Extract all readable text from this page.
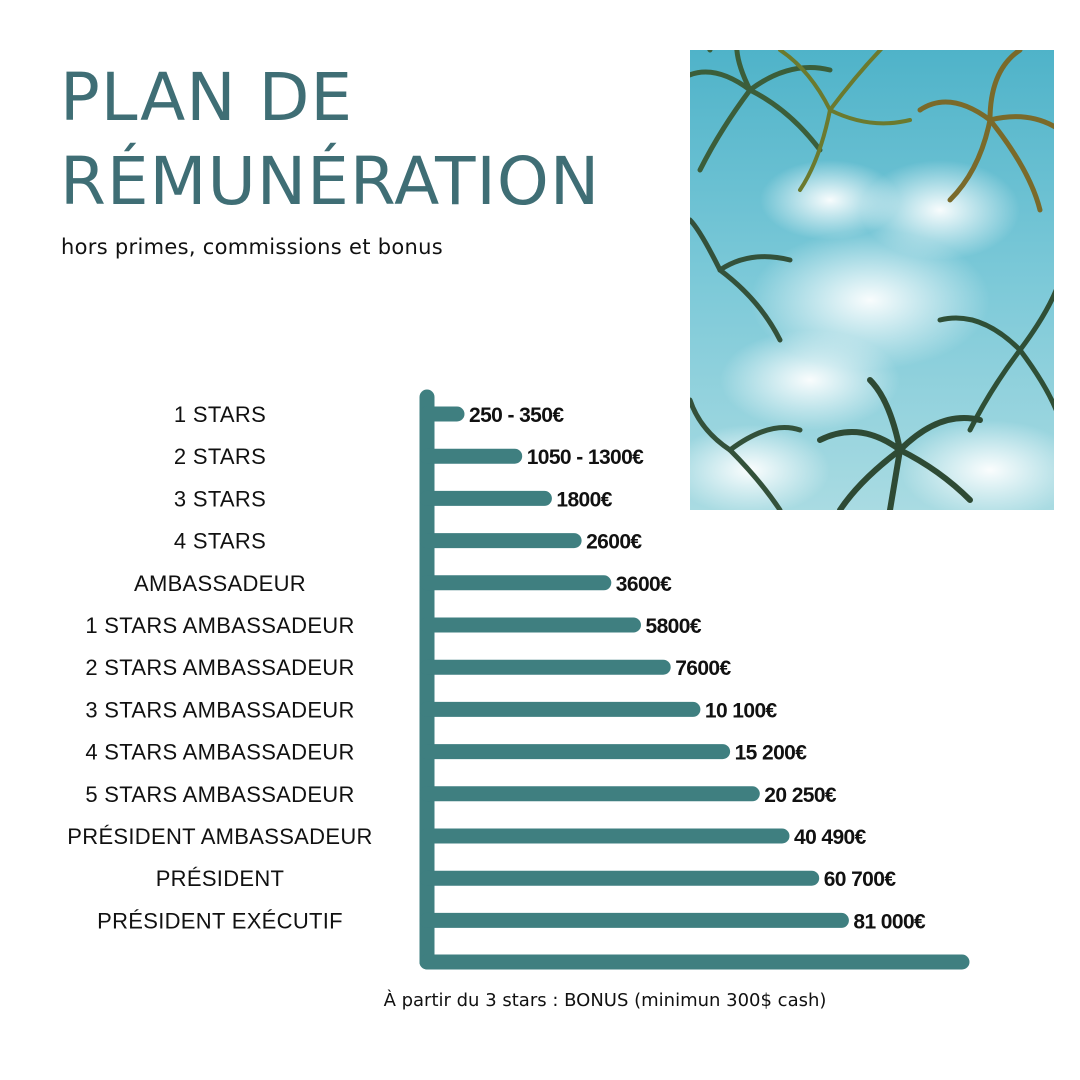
PLAN DE
RÉMUNÉRATION
hors primes, commissions et bonus
1 STARS	250 - 350€
2 STARS	1050 - 1300€
3 STARS	1800€
4 STARS	2600€
AMBASSADEUR	3600€
1 STARS AMBASSADEUR	5800€
2 STARS AMBASSADEUR	7600€
3 STARS AMBASSADEUR	10 100€
4 STARS AMBASSADEUR	15 200€
5 STARS AMBASSADEUR	20 250€
PRÉSIDENT AMBASSADEUR	40 490€
PRÉSIDENT	60 700€
PRÉSIDENT EXÉCUTIF	81 000€
À partir du 3 stars : BONUS (minimun 300$ cash)
